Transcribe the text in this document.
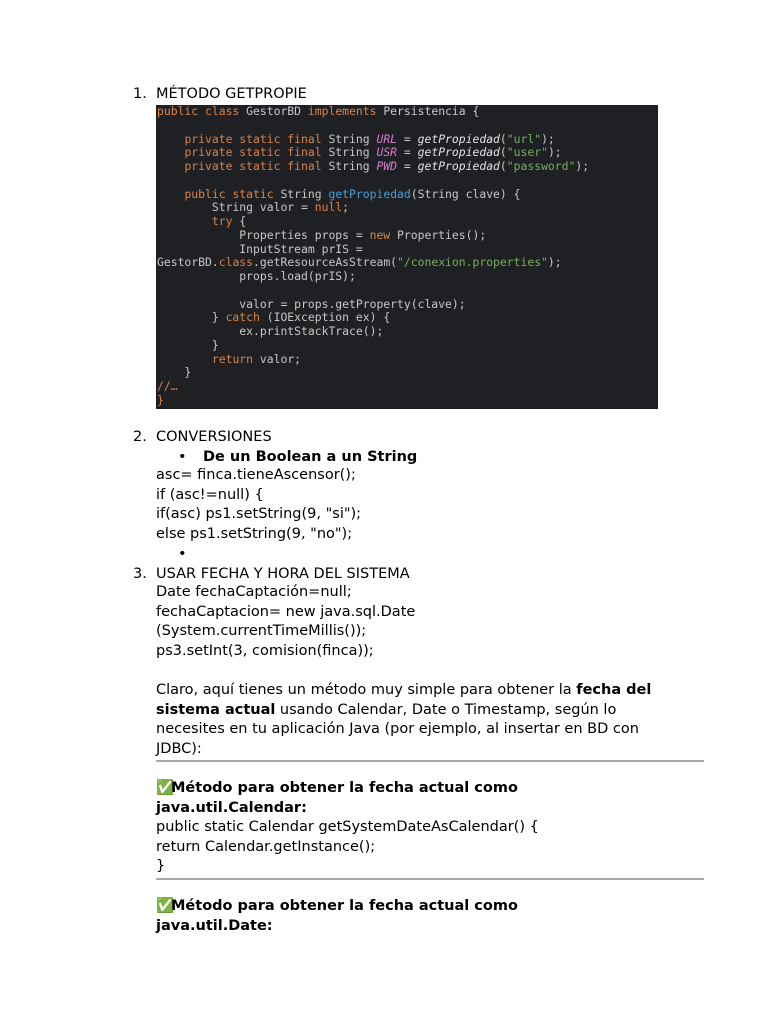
1. MÉTODO GETPROPIE
public class GestorBD implements Persistencia {

private static final String URL = getPropiedad("url");
private static final String USR = getPropiedad("user");
private static final String PWD = getPropiedad("password");

public static String getPropiedad(String clave) {
String valor = null;
try {
Properties props = new Properties();
InputStream prIS =
GestorBD.class.getResourceAsStream("/conexion.properties");
props.load(prIS);

valor = props.getProperty(clave);
} catch (IOException ex) {
ex.printStackTrace();
}
return valor;
}
//…
}
2. CONVERSIONES
• De un Boolean a un String
asc= finca.tieneAscensor();
if (asc!=null) {
if(asc) ps1.setString(9, "si");
else ps1.setString(9, "no");
•
3. USAR FECHA Y HORA DEL SISTEMA
Date fechaCaptación=null;
fechaCaptacion= new java.sql.Date
(System.currentTimeMillis());
ps3.setInt(3, comision(finca));

Claro, aquí tienes un método muy simple para obtener la fecha del sistema actual usando Calendar, Date o Timestamp, según lo necesites en tu aplicación Java (por ejemplo, al insertar en BD con JDBC):

✅Método para obtener la fecha actual como
java.util.Calendar:
public static Calendar getSystemDateAsCalendar() {
return Calendar.getInstance();
}
✅Método para obtener la fecha actual como
java.util.Date:
